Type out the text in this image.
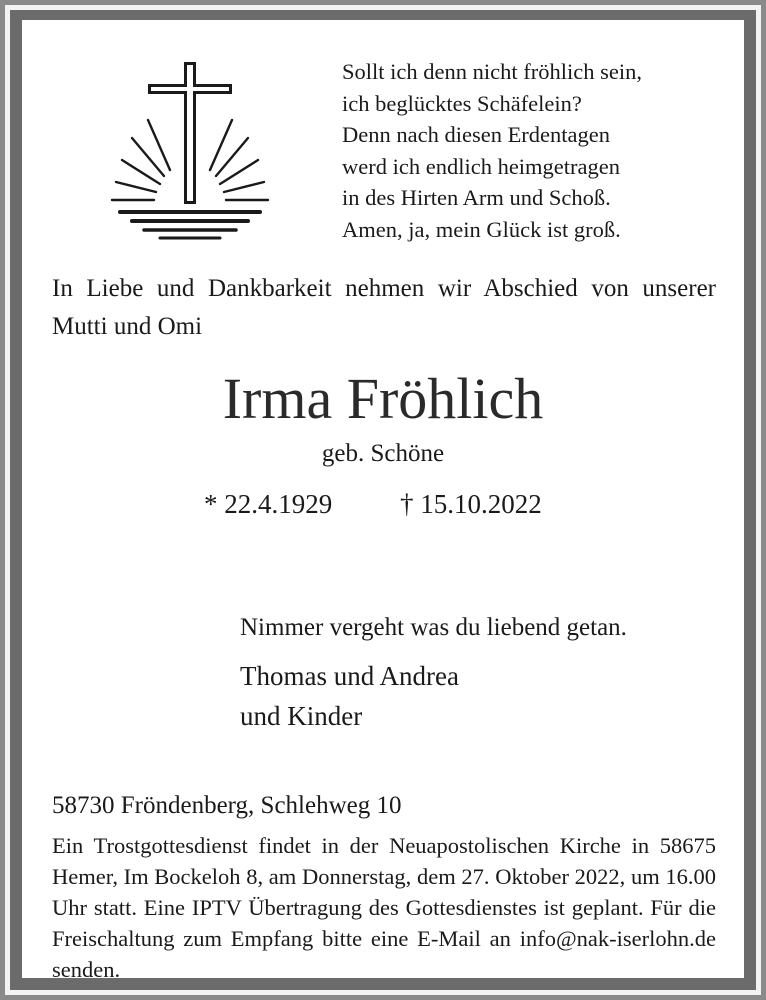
Sollt ich denn nicht fröhlich sein,
ich beglücktes Schäfelein?
Denn nach diesen Erdentagen
werd ich endlich heimgetragen
in des Hirten Arm und Schoß.
Amen, ja, mein Glück ist groß.
In Liebe und Dankbarkeit nehmen wir Abschied von unserer Mutti und Omi
Irma Fröhlich
geb. Schöne
* 22.4.1929	† 15.10.2022
Nimmer vergeht was du liebend getan.
Thomas und Andrea
und Kinder
58730 Fröndenberg, Schlehweg 10
Ein Trostgottesdienst findet in der Neuapostolischen Kirche in 58675 Hemer, Im Bockeloh 8, am Donnerstag, dem 27. Oktober 2022, um 16.00 Uhr statt. Eine IPTV Übertragung des Gottesdienstes ist geplant. Für die Freischaltung zum Empfang bitte eine E-Mail an info@nak-iserlohn.de senden.
